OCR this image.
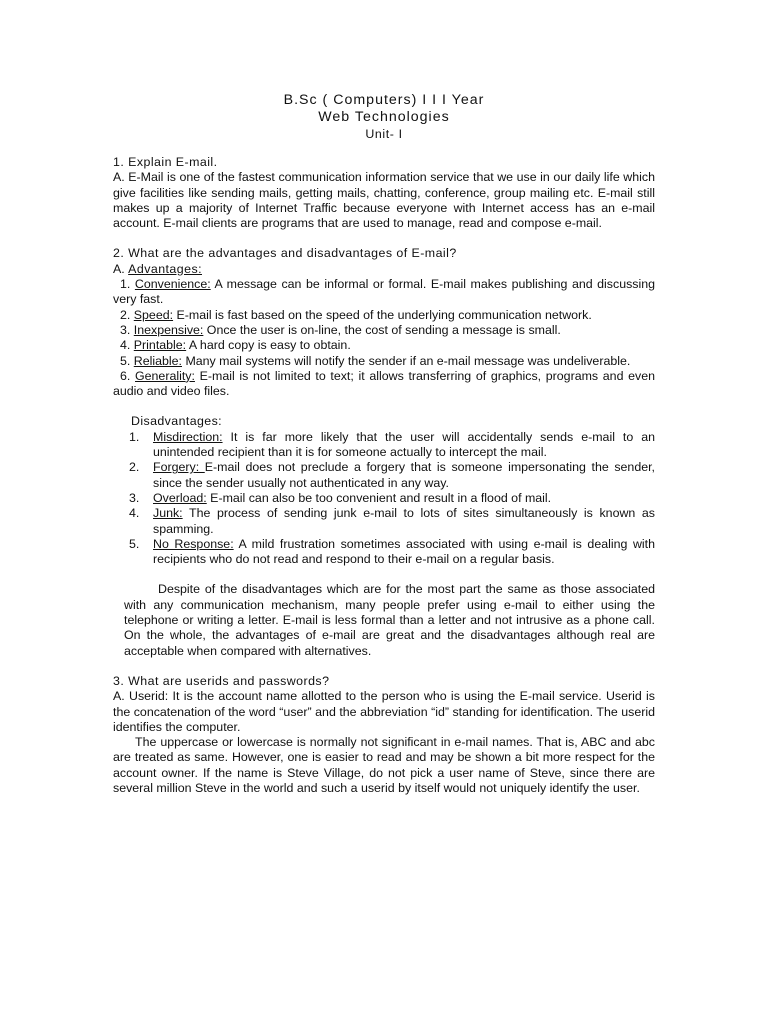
B.Sc ( Computers) I I I Year
Web Technologies
Unit- I

1. Explain E-mail.

A. E-Mail is one of the fastest communication information service that we use in our daily life which give facilities like sending mails, getting mails, chatting, conference, group mailing etc. E-mail still makes up a majority of Internet Traffic because everyone with Internet access has an e-mail account. E-mail clients are programs that are used to manage, read and compose e-mail.

2. What are the advantages and disadvantages of E-mail?

A. Advantages:

1. Convenience: A message can be informal or formal. E-mail makes publishing and discussing very fast.

2. Speed: E-mail is fast based on the speed of the underlying communication network.

3. Inexpensive: Once the user is on-line, the cost of sending a message is small.

4. Printable: A hard copy is easy to obtain.

5. Reliable: Many mail systems will notify the sender if an e-mail message was undeliverable.

6. Generality: E-mail is not limited to text; it allows transferring of graphics, programs and even audio and video files.

Disadvantages:

1. Misdirection: It is far more likely that the user will accidentally sends e-mail to an unintended recipient than it is for someone actually to intercept the mail.
2. Forgery: E-mail does not preclude a forgery that is someone impersonating the sender, since the sender usually not authenticated in any way.
3. Overload: E-mail can also be too convenient and result in a flood of mail.
4. Junk: The process of sending junk e-mail to lots of sites simultaneously is known as spamming.
5. No Response: A mild frustration sometimes associated with using e-mail is dealing with recipients who do not read and respond to their e-mail on a regular basis.

Despite of the disadvantages which are for the most part the same as those associated with any communication mechanism, many people prefer using e-mail to either using the telephone or writing a letter. E-mail is less formal than a letter and not intrusive as a phone call. On the whole, the advantages of e-mail are great and the disadvantages although real are acceptable when compared with alternatives.

3. What are userids and passwords?

A. Userid: It is the account name allotted to the person who is using the E-mail service. Userid is the concatenation of the word “user” and the abbreviation “id” standing for identification. The userid identifies the computer.

The uppercase or lowercase is normally not significant in e-mail names. That is, ABC and abc are treated as same. However, one is easier to read and may be shown a bit more respect for the account owner. If the name is Steve Village, do not pick a user name of Steve, since there are several million Steve in the world and such a userid by itself would not uniquely identify the user.
